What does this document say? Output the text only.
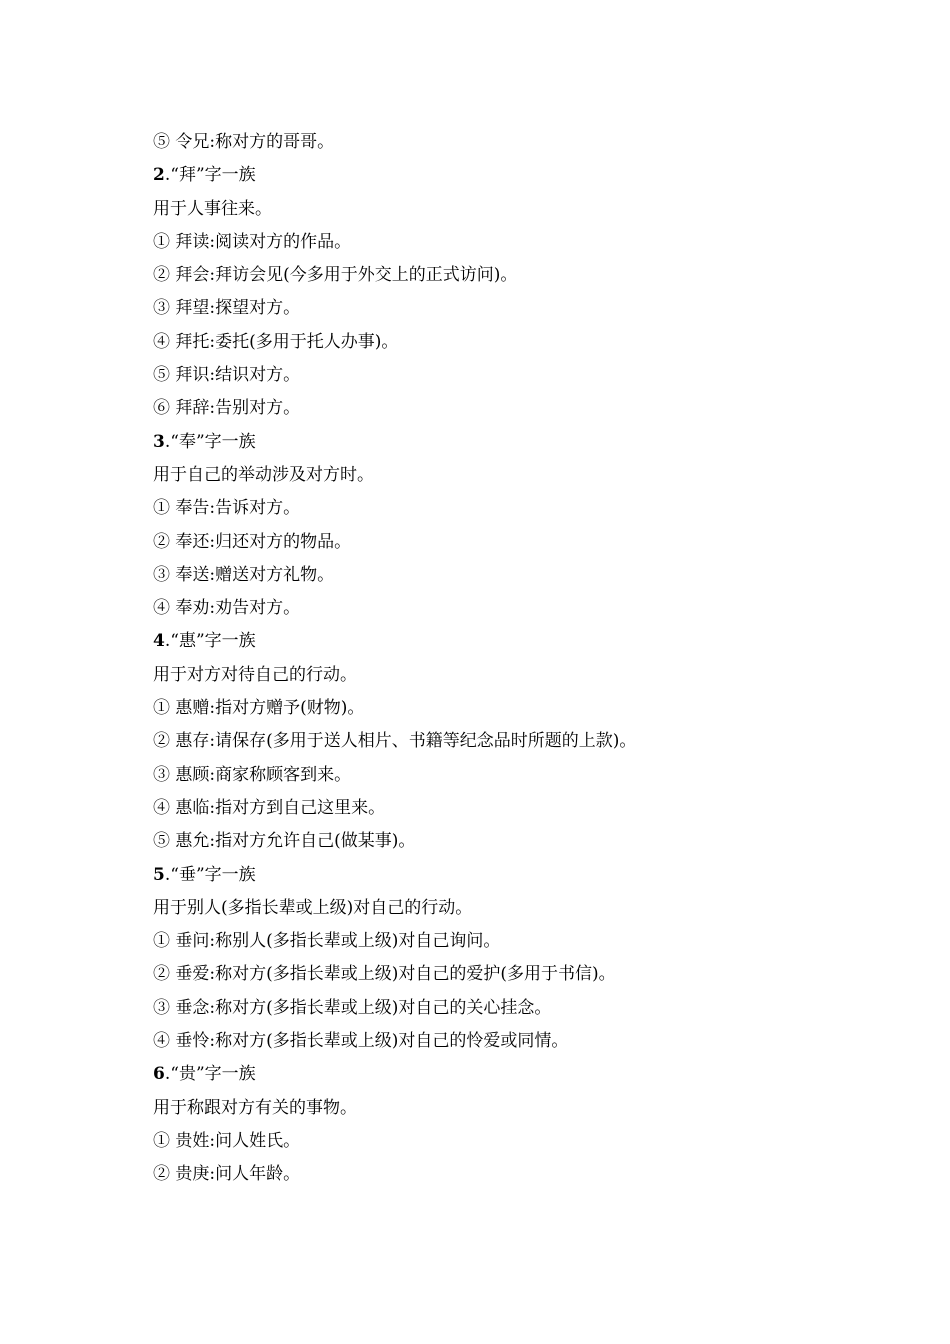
⑤ 令兄:称对方的哥哥。
2.“拜”字一族
用于人事往来。
① 拜读:阅读对方的作品。
② 拜会:拜访会见(今多用于外交上的正式访问)。
③ 拜望:探望对方。
④ 拜托:委托(多用于托人办事)。
⑤ 拜识:结识对方。
⑥ 拜辞:告别对方。
3.“奉”字一族
用于自己的举动涉及对方时。
① 奉告:告诉对方。
② 奉还:归还对方的物品。
③ 奉送:赠送对方礼物。
④ 奉劝:劝告对方。
4.“惠”字一族
用于对方对待自己的行动。
① 惠赠:指对方赠予(财物)。
② 惠存:请保存(多用于送人相片、书籍等纪念品时所题的上款)。
③ 惠顾:商家称顾客到来。
④ 惠临:指对方到自己这里来。
⑤ 惠允:指对方允许自己(做某事)。
5.“垂”字一族
用于别人(多指长辈或上级)对自己的行动。
① 垂问:称别人(多指长辈或上级)对自己询问。
② 垂爱:称对方(多指长辈或上级)对自己的爱护(多用于书信)。
③ 垂念:称对方(多指长辈或上级)对自己的关心挂念。
④ 垂怜:称对方(多指长辈或上级)对自己的怜爱或同情。
6.“贵”字一族
用于称跟对方有关的事物。
① 贵姓:问人姓氏。
② 贵庚:问人年龄。
